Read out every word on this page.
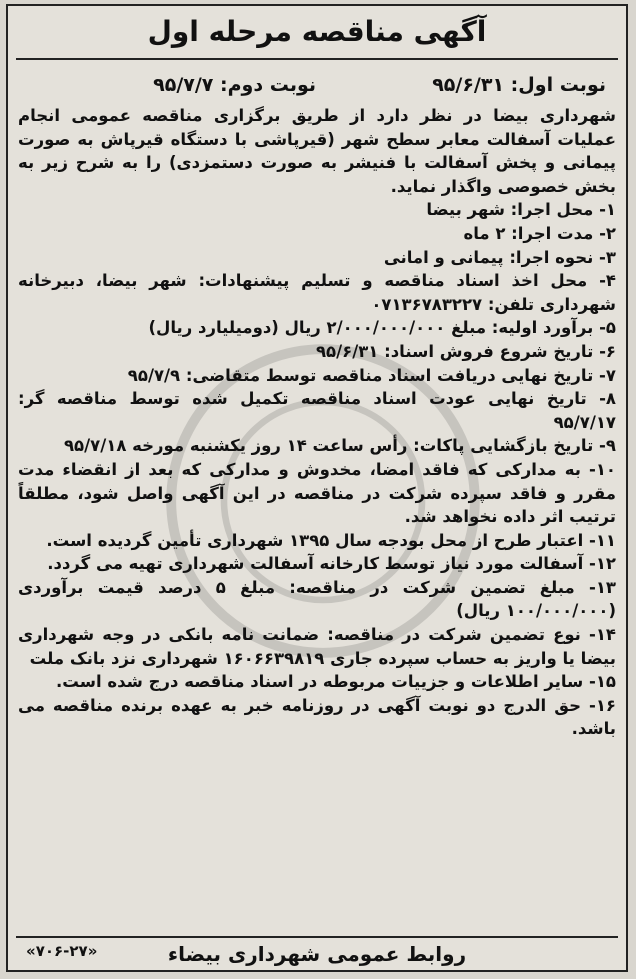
آگهی مناقصه مرحله اول
نوبت اول: ۹۵/۶/۳۱
نوبت دوم: ۹۵/۷/۷

شهرداری بیضا در نظر دارد از طریق برگزاری مناقصه عمومی انجام عملیات آسفالت معابر سطح شهر (قیرپاشی با دستگاه قیرپاش به صورت پیمانی و پخش آسفالت با فنیشر به صورت دستمزدی) را به شرح زیر به بخش خصوصی واگذار نماید.

۱- محل اجرا: شهر بیضا

۲- مدت اجرا: ۲ ماه

۳- نحوه اجرا: پیمانی و امانی

۴- محل اخذ اسناد مناقصه و تسلیم پیشنهادات: شهر بیضا، دبیرخانه شهرداری تلفن: ۰۷۱۳۶۷۸۳۲۲۷

۵- برآورد اولیه: مبلغ ۲/۰۰۰/۰۰۰/۰۰۰ ریال (دومیلیارد ریال)

۶- تاریخ شروع فروش اسناد: ۹۵/۶/۳۱

۷- تاریخ نهایی دریافت اسناد مناقصه توسط متقاضی: ۹۵/۷/۹

۸- تاریخ نهایی عودت اسناد مناقصه تکمیل شده توسط مناقصه گر: ۹۵/۷/۱۷

۹- تاریخ بازگشایی پاکات: رأس ساعت ۱۴ روز یکشنبه مورخه ۹۵/۷/۱۸

۱۰- به مدارکی که فاقد امضا، مخدوش و مدارکی که بعد از انقضاء مدت مقرر و فاقد سپرده شرکت در مناقصه در این آگهی واصل شود، مطلقاً ترتیب اثر داده نخواهد شد.

۱۱- اعتبار طرح از محل بودجه سال ۱۳۹۵ شهرداری تأمین گردیده است.

۱۲- آسفالت مورد نیاز توسط کارخانه آسفالت شهرداری تهیه می گردد.

۱۳- مبلغ تضمین شرکت در مناقصه: مبلغ ۵ درصد قیمت برآوردی (۱۰۰/۰۰۰/۰۰۰ ریال)

۱۴- نوع تضمین شرکت در مناقصه: ضمانت نامه بانکی در وجه شهرداری بیضا یا واریز به حساب سپرده جاری ۱۶۰۶۶۳۹۸۱۹ شهرداری نزد بانک ملت

۱۵- سایر اطلاعات و جزییات مربوطه در اسناد مناقصه درج شده است.

۱۶- حق الدرج دو نوبت آگهی در روزنامه خبر به عهده برنده مناقصه می باشد.

روابط عمومی شهرداری بیضاء
«۷۰۶-۲۷»
